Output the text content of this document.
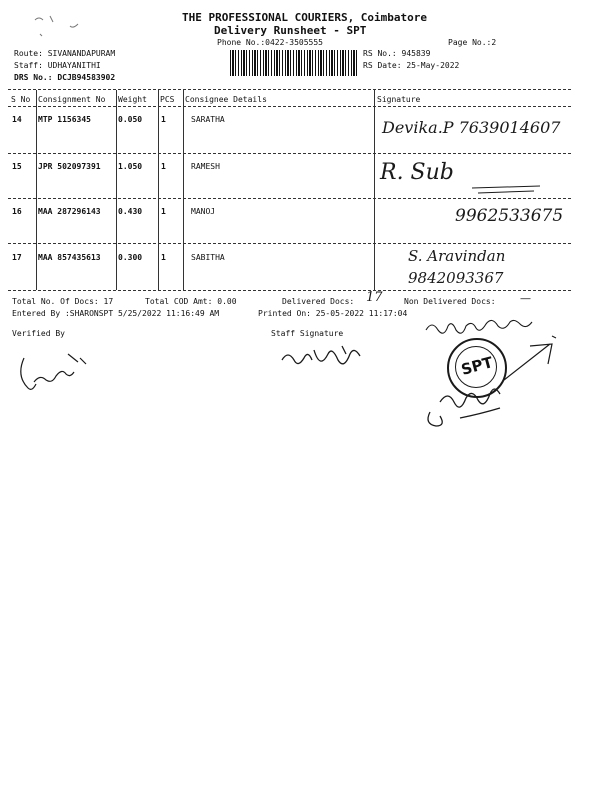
THE PROFESSIONAL COURIERS, Coimbatore
Delivery Runsheet - SPT
Phone No.:0422-3505555	Page No.:2
Route: SIVANANDAPURAM
Staff: UDHAYANITHI
DRS No.: DCJB94583902
RS No.: 945839
RS Date: 25-May-2022
S No Consignment No Weight PCS Consignee Details	Signature
14 MTP 1156345	0.050 1	SARATHA	Devika.P 7639014607
15 JPR 502097391 1.050 1	RAMESH	R. Sub
16 MAA 287296143 0.430 1	MANOJ	9962533675
17 MAA 857435613 0.300 1	SABITHA	S. Aravindan 9842093367
Total No. Of Docs: 17	Total COD Amt: 0.00	Delivered Docs: 17	Non Delivered Docs: —
Entered By :SHARONSPT 5/25/2022 11:16:49 AM	Printed On: 25-05-2022 11:17:04
Verified By	Staff Signature
SPT
